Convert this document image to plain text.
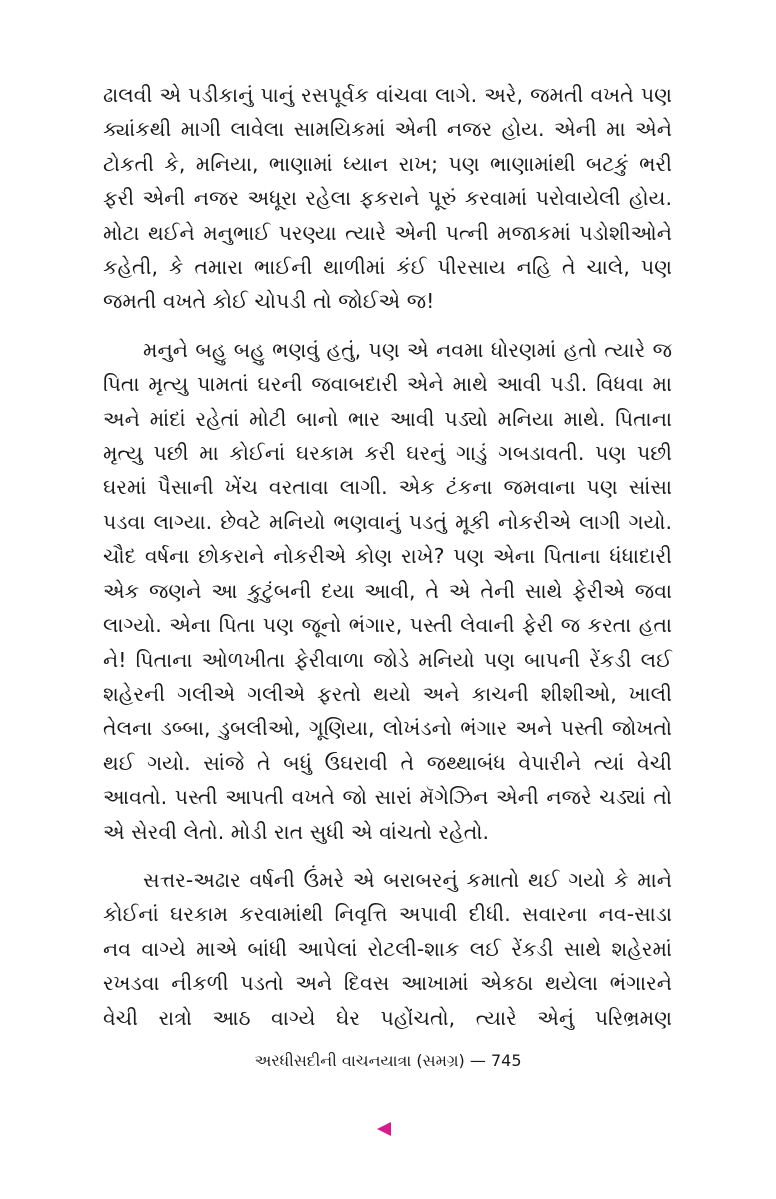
ઢાલવી એ પડીકાનું પાનું રસપૂર્વક વાંચવા લાગે. અરે, જમતી વખતે પણ ક્યાંકથી માગી લાવેલા સામયિકમાં એની નજર હોય. એની મા એને ટોકતી કે, મનિયા, ભાણામાં ધ્યાન રાખ; પણ ભાણામાંથી બટકું ભરી ફરી એની નજર અધૂરા રહેલા ફકરાને પૂરું કરવામાં પરોવાયેલી હોય. મોટા થઈને મનુભાઈ પરણ્યા ત્યારે એની પત્ની મજાકમાં પડોશીઓને કહેતી, કે તમારા ભાઈની થાળીમાં કંઈ પીરસાય નહિ તે ચાલે, પણ જમતી વખતે કોઈ ચોપડી તો જોઈએ જ!

મનુને બહુ બહુ ભણવું હતું, પણ એ નવમા ધોરણમાં હતો ત્યારે જ પિતા મૃત્યુ પામતાં ઘરની જવાબદારી એને માથે આવી પડી. વિધવા મા અને માંદાં રહેતાં મોટી બાનો ભાર આવી પડ્યો મનિયા માથે. પિતાના મૃત્યુ પછી મા કોઈનાં ઘરકામ કરી ઘરનું ગાડું ગબડાવતી. પણ પછી ઘરમાં પૈસાની ખેંચ વરતાવા લાગી. એક ટંકના જમવાના પણ સાંસા પડવા લાગ્યા. છેવટે મનિયો ભણવાનું પડતું મૂકી નોકરીએ લાગી ગયો. ચૌદ વર્ષના છોકરાને નોકરીએ કોણ રાખે? પણ એના પિતાના ધંધાદારી એક જણને આ કુટુંબની દયા આવી, તે એ તેની સાથે ફેરીએ જવા લાગ્યો. એના પિતા પણ જૂનો ભંગાર, પસ્તી લેવાની ફેરી જ કરતા હતા ને! પિતાના ઓળખીતા ફેરીવાળા જોડે મનિયો પણ બાપની રેંકડી લઈ શહેરની ગલીએ ગલીએ ફરતો થયો અને કાચની શીશીઓ, ખાલી તેલના ડબ્બા, ડુબલીઓ, ગૂણિયા, લોખંડનો ભંગાર અને પસ્તી જોખતો થઈ ગયો. સાંજે તે બધું ઉઘરાવી તે જથ્થાબંધ વેપારીને ત્યાં વેચી આવતો. પસ્તી આપતી વખતે જો સારાં મૅગેઝિન એની નજરે ચડ્યાં તો એ સેરવી લેતો. મોડી રાત સુધી એ વાંચતો રહેતો.

સત્તર-અઢાર વર્ષની ઉંમરે એ બરાબરનું કમાતો થઈ ગયો કે માને કોઈનાં ઘરકામ કરવામાંથી નિવૃત્તિ અપાવી દીધી. સવારના નવ-સાડા નવ વાગ્યે માએ બાંધી આપેલાં રોટલી-શાક લઈ રેંકડી સાથે શહેરમાં રખડવા નીકળી પડતો અને દિવસ આખામાં એકઠા થયેલા ભંગારને વેચી રાત્રો આઠ વાગ્યે ઘેર પહોંચતો, ત્યારે એનું પરિભ્રમણ

અરધીસદીની વાચનયાત્રા (સમગ્ર) — 745
